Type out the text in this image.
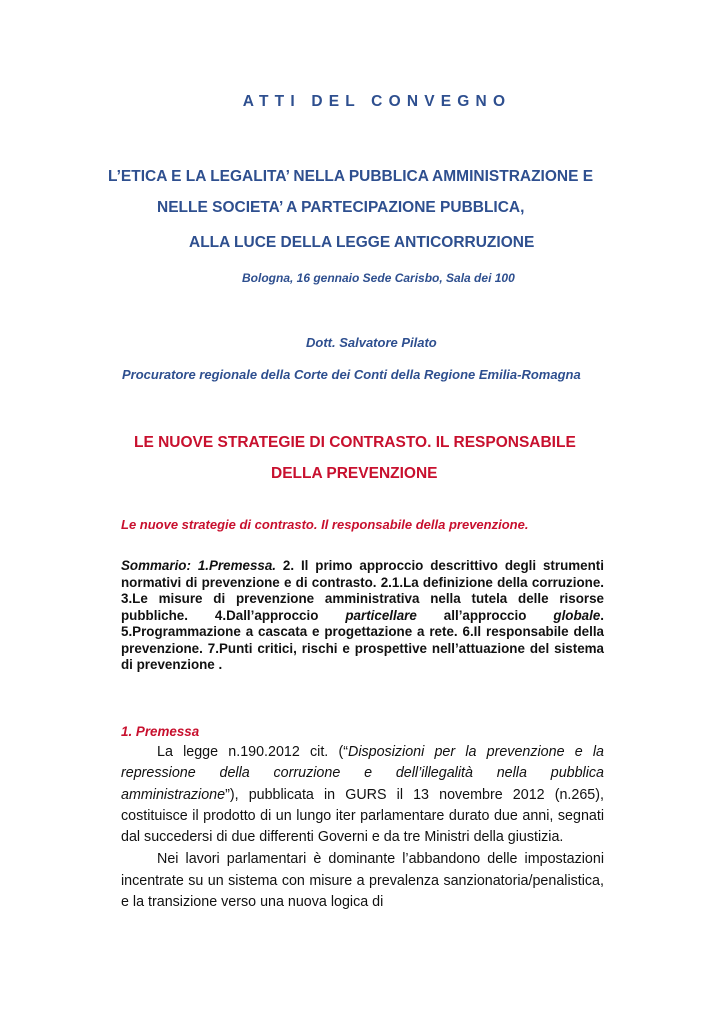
ATTI DEL CONVEGNO
L’ETICA E LA LEGALITA’ NELLA PUBBLICA AMMINISTRAZIONE E
NELLE SOCIETA’ A PARTECIPAZIONE PUBBLICA,
ALLA LUCE DELLA LEGGE ANTICORRUZIONE
Bologna, 16 gennaio Sede Carisbo, Sala dei 100
Dott. Salvatore Pilato
Procuratore regionale della Corte dei Conti della Regione Emilia-Romagna
LE NUOVE STRATEGIE DI CONTRASTO. IL RESPONSABILE
DELLA PREVENZIONE
Le nuove strategie di contrasto. Il responsabile della prevenzione.
Sommario: 1.Premessa. 2. Il primo approccio descrittivo degli strumenti normativi di prevenzione e di contrasto. 2.1.La definizione della corruzione. 3.Le misure di prevenzione amministrativa nella tutela delle risorse pubbliche. 4.Dall’approccio particellare all’approccio globale. 5.Programmazione a cascata e progettazione a rete. 6.Il responsabile della prevenzione. 7.Punti critici, rischi e prospettive nell’attuazione del sistema di prevenzione .
1. Premessa

La legge n.190.2012 cit. (“Disposizioni per la prevenzione e la repressione della corruzione e dell’illegalità nella pubblica amministrazione”), pubblicata in GURS il 13 novembre 2012 (n.265), costituisce il prodotto di un lungo iter parlamentare durato due anni, segnati dal succedersi di due differenti Governi e da tre Ministri della giustizia.

Nei lavori parlamentari è dominante l’abbandono delle impostazioni incentrate su un sistema con misure a prevalenza sanzionatoria/penalistica, e la transizione verso una nuova logica di
